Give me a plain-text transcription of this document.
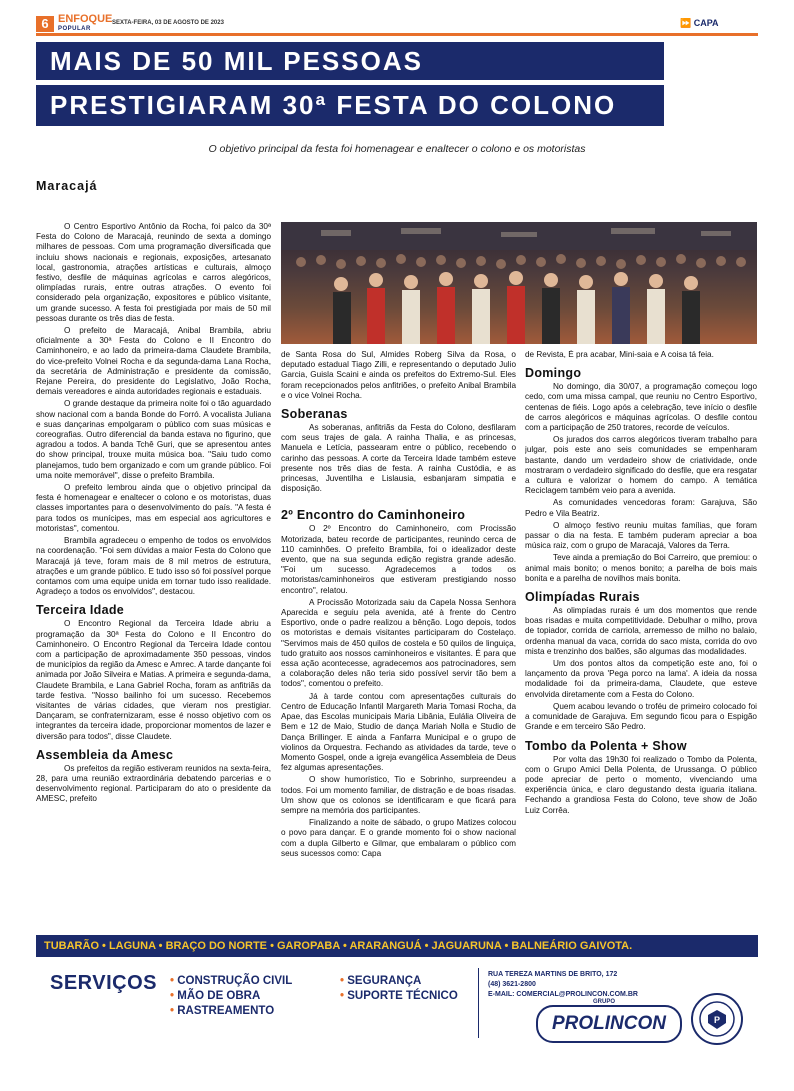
6 ENFOQUE
POPULAR
SEXTA-FEIRA, 03 DE AGOSTO DE 2023	⏩ CAPA
MAIS DE 50 MIL PESSOAS
PRESTIGIARAM 30ª FESTA DO COLONO
O objetivo principal da festa foi homenagear e enaltecer o colono e os motoristas
Maracajá

O Centro Esportivo Antônio da Rocha, foi palco da 30ª Festa do Colono de Maracajá, reunindo de sexta a domingo milhares de pessoas. Com uma programação diversificada que incluiu shows nacionais e regionais, exposições, artesanato local, gastronomia, atrações artísticas e culturais, almoço festivo, desfile de máquinas agrícolas e carros alegóricos, olimpíadas rurais, entre outras atrações. O evento foi considerado pela organização, expositores e público visitante, um grande sucesso. A festa foi prestigiada por mais de 50 mil pessoas durante os três dias de festa.

O prefeito de Maracajá, Anibal Brambila, abriu oficialmente a 30ª Festa do Colono e II Encontro do Caminhoneiro, e ao lado da primeira-dama Claudete Brambila, do vice-prefeito Volnei Rocha e da segunda-dama Lana Rocha, da secretária de Administração e presidente da comissão, Rejane Pereira, do presidente do Legislativo, João Rocha, demais vereadores e ainda autoridades regionais e estaduais.

O grande destaque da primeira noite foi o tão aguardado show nacional com a banda Bonde do Forró. A vocalista Juliana e suas dançarinas empolgaram o público com suas músicas e coreografias. Outro diferencial da banda estava no figurino, que agradou a todos. A banda Tchê Guri, que se apresentou antes do show principal, trouxe muita música boa. "Saiu tudo como planejamos, tudo bem organizado e com um grande público. Foi uma noite memorável", disse o prefeito Brambila.

O prefeito lembrou ainda que o objetivo principal da festa é homenagear e enaltecer o colono e os motoristas, duas classes importantes para o desenvolvimento do país. "A festa é para todos os munícipes, mas em especial aos agricultores e motoristas", comentou.

Brambila agradeceu o empenho de todos os envolvidos na coordenação. "Foi sem dúvidas a maior Festa do Colono que Maracajá já teve, foram mais de 8 mil metros de estrutura, atrações e um grande público. E tudo isso só foi possível porque contamos com uma equipe unida em tornar tudo isso realidade. Agradeço a todos os envolvidos", destacou.

Terceira Idade

O Encontro Regional da Terceira Idade abriu a programação da 30ª Festa do Colono e II Encontro do Caminhoneiro. O Encontro Regional da Terceira Idade contou com a participação de aproximadamente 350 pessoas, vindos de municípios da região da Amesc e Amrec. A tarde dançante foi animada por João Silveira e Matias. A primeira e segunda-dama, Claudete Brambila, e Lana Gabriel Rocha, foram as anfitriãs da tarde festiva. "Nosso bailinho foi um sucesso. Recebemos visitantes de várias cidades, que vieram nos prestigiar. Dançaram, se confraternizaram, esse é nosso objetivo com os integrantes da terceira idade, proporcionar momentos de lazer e diversão para todos", disse Claudete.

Assembleia da Amesc

Os prefeitos da região estiveram reunidos na sexta-feira, 28, para uma reunião extraordinária debatendo parcerias e o desenvolvimento regional. Participaram do ato o presidente da AMESC, prefeito

de Santa Rosa do Sul, Almides Roberg Silva da Rosa, o deputado estadual Tiago Zilli, e representando o deputado Julio Garcia, Guisla Scaini e ainda os prefeitos do Extremo-Sul. Eles foram recepcionados pelos anfitriões, o prefeito Anibal Brambila e o vice Volnei Rocha.

Soberanas

As soberanas, anfitriãs da Festa do Colono, desfilaram com seus trajes de gala. A rainha Thalia, e as princesas, Manuela e Letícia, passearam entre o público, recebendo o carinho das pessoas. A corte da Terceira Idade também esteve presente nos três dias de festa. A rainha Custódia, e as princesas, Juventilha e Lislausia, esbanjaram simpatia e disposição.

2º Encontro do Caminhoneiro

O 2º Encontro do Caminhoneiro, com Procissão Motorizada, bateu recorde de participantes, reunindo cerca de 110 caminhões. O prefeito Brambila, foi o idealizador deste evento, que na sua segunda edição registra grande adesão. "Foi um sucesso. Agradecemos a todos os motoristas/caminhoneiros que estiveram prestigiando nosso encontro", relatou.

A Procissão Motorizada saiu da Capela Nossa Senhora Aparecida e seguiu pela avenida, até à frente do Centro Esportivo, onde o padre realizou a bênção. Logo depois, todos os motoristas e demais visitantes participaram do Costelaço. "Servimos mais de 450 quilos de costela e 50 quilos de linguiça, tudo gratuito aos nossos caminhoneiros e visitantes. É para que essa ação acontecesse, agradecemos aos patrocinadores, sem a colaboração deles não teria sido possível servir tão bem a todos", comentou o prefeito.

Já à tarde contou com apresentações culturais do Centro de Educação Infantil Margareth Maria Tomasi Rocha, da Apae, das Escolas municipais Maria Libânia, Eulália Oliveira de Bem e 12 de Maio, Studio de dança Mariah Nolla e Studio de Dança Brillinger. E ainda a Fanfarra Municipal e o grupo de violinos da Orquestra. Fechando as atividades da tarde, teve o Momento Gospel, onde a igreja evangélica Assembleia de Deus fez algumas apresentações.

O show humorístico, Tio e Sobrinho, surpreendeu a todos. Foi um momento familiar, de distração e de boas risadas. Um show que os colonos se identificaram e que ficará para sempre na memória dos participantes.

Finalizando a noite de sábado, o grupo Matizes colocou o povo para dançar. E o grande momento foi o show nacional com a dupla Gilberto e Gilmar, que embalaram o público com seus sucessos como: Capa

de Revista, É pra acabar, Mini-saia e A coisa tá feia.

Domingo

No domingo, dia 30/07, a programação começou logo cedo, com uma missa campal, que reuniu no Centro Esportivo, centenas de fiéis. Logo após a celebração, teve início o desfile de carros alegóricos e máquinas agrícolas. O desfile contou com a participação de 250 tratores, recorde de veículos.

Os jurados dos carros alegóricos tiveram trabalho para julgar, pois este ano seis comunidades se empenharam bastante, dando um verdadeiro show de criatividade, onde mostraram o verdadeiro significado do desfile, que era resgatar a cultura e valorizar o homem do campo. A temática Reciclagem também veio para a avenida.

As comunidades vencedoras foram: Garajuva, São Pedro e Vila Beatriz.

O almoço festivo reuniu muitas famílias, que foram passar o dia na festa. E também puderam apreciar a boa música raiz, com o grupo de Maracajá, Valores da Terra.

Teve ainda a premiação do Boi Carreiro, que premiou: o animal mais bonito; o menos bonito; a parelha de bois mais bonita e a parelha de novilhos mais bonita.

Olimpíadas Rurais

As olimpíadas rurais é um dos momentos que rende boas risadas e muita competitividade. Debulhar o milho, prova de topiador, corrida de carriola, arremesso de milho no balaio, ordenha manual da vaca, corrida do saco mista, corrida do ovo mista e trenzinho dos balões, são algumas das modalidades.

Um dos pontos altos da competição este ano, foi o lançamento da prova 'Pega porco na lama'. A ideia da nossa modalidade foi da primeira-dama, Claudete, que esteve envolvida diretamente com a Festa do Colono.

Quem acabou levando o troféu de primeiro colocado foi a comunidade de Garajuva. Em segundo ficou para o Espigão Grande e em terceiro São Pedro.

Tombo da Polenta + Show

Por volta das 19h30 foi realizado o Tombo da Polenta, com o Grupo Amici Della Polenta, de Urussanga. O público pode apreciar de perto o momento, vivenciando uma experiência única, e claro degustando desta iguaria italiana. Fechando a grandiosa Festa do Colono, teve show de João Luiz Corrêa.

TUBARÃO • LAGUNA • BRAÇO DO NORTE • GAROPABA • ARARANGUÁ • JAGUARUNA • BALNEÁRIO GAIVOTA.
SERVIÇOS • CONSTRUÇÃO CIVIL
• MÃO DE OBRA
• RASTREAMENTO
• SEGURANÇA
• SUPORTE TÉCNICO
RUA TEREZA MARTINS DE BRITO, 172
(48) 3621-2800
E-MAIL: COMERCIAL@PROLINCON.COM.BR
PROLINCON
GRUPO
P
